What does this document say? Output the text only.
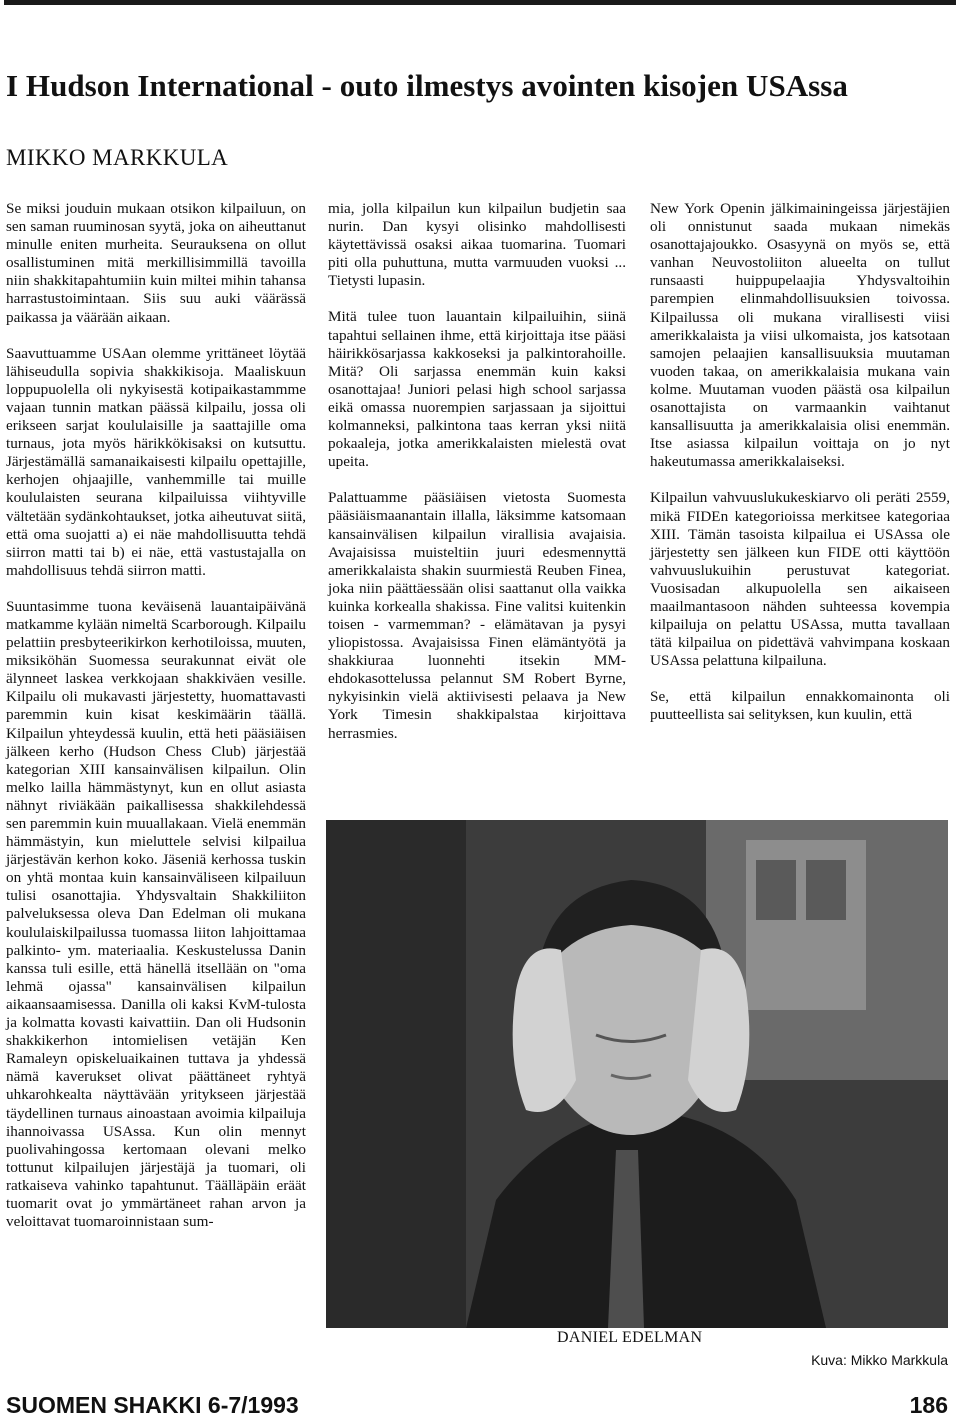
I Hudson International - outo ilmestys avointen kisojen USAssa
MIKKO MARKKULA

Se miksi jouduin mukaan otsikon kilpailuun, on sen saman ruuminosan syytä, joka on aiheuttanut minulle eniten murheita. Seurauksena on ollut osallistuminen mitä merkillisimmillä tavoilla niin shakkitapahtumiin kuin miltei mihin tahansa harrastustoimintaan. Siis suu auki väärässä paikassa ja väärään aikaan.

Saavuttuamme USAan olemme yrittäneet löytää lähiseudulla sopivia shakkikisoja. Maaliskuun loppupuolella oli nykyisestä kotipaikastammme vajaan tunnin matkan päässä kilpailu, jossa oli erikseen sarjat koululaisille ja saattajille oma turnaus, jota myös härikkökisaksi on kutsuttu. Järjestämällä samanaikaisesti kilpailu opettajille, kerhojen ohjaajille, vanhemmille tai muille koululaisten seurana kilpailuissa viihtyville vältetään sydänkohtaukset, jotka aiheutuvat siitä, että oma suojatti a) ei näe mahdollisuutta tehdä siirron matti tai b) ei näe, että vastustajalla on mahdollisuus tehdä siirron matti.

Suuntasimme tuona keväisenä lauantaipäivänä matkamme kylään nimeltä Scarborough. Kilpailu pelattiin presbyteerikirkon kerhotiloissa, muuten, miksiköhän Suomessa seurakunnat eivät ole älynneet laskea verkkojaan shakkiväen vesille. Kilpailu oli mukavasti järjestetty, huomattavasti paremmin kuin kisat keskimäärin täällä. Kilpailun yhteydessä kuulin, että heti pääsiäisen jälkeen kerho (Hudson Chess Club) järjestää kategorian XIII kansainvälisen kilpailun. Olin melko lailla hämmästynyt, kun en ollut asiasta nähnyt riviäkään paikallisessa shakkilehdessä sen paremmin kuin muuallakaan. Vielä enemmän hämmästyin, kun mieluttele selvisi kilpailua järjestävän kerhon koko. Jäseniä kerhossa tuskin on yhtä montaa kuin kansainväliseen kilpailuun tulisi osanottajia. Yhdysvaltain Shakkiliiton palveluksessa oleva Dan Edelman oli mukana koululaiskilpailussa tuomassa liiton lahjoittamaa palkinto- ym. materiaalia. Keskustelussa Danin kanssa tuli esille, että hänellä itsellään on "oma lehmä ojassa" kansainvälisen kilpailun aikaansaamisessa. Danilla oli kaksi KvM-tulosta ja kolmatta kovasti kaivattiin. Dan oli Hudsonin shakkikerhon intomielisen vetäjän Ken Ramaleyn opiskeluaikainen tuttava ja yhdessä nämä kaverukset olivat päättäneet ryhtyä uhkarohkealta näyttävään yritykseen järjestää täydellinen turnaus ainoastaan avoimia kilpailuja ihannoivassa USAssa. Kun olin mennyt puolivahingossa kertomaan olevani melko tottunut kilpailujen järjestäjä ja tuomari, oli ratkaiseva vahinko tapahtunut. Täälläpäin eräät tuomarit ovat jo ymmärtäneet rahan arvon ja veloittavat tuomaroinnistaan sum-

mia, jolla kilpailun kun kilpailun budjetin saa nurin. Dan kysyi olisinko mahdollisesti käytettävissä osaksi aikaa tuomarina. Tuomari piti olla puhuttuna, mutta varmuuden vuoksi ... Tietysti lupasin.

Mitä tulee tuon lauantain kilpailuihin, siinä tapahtui sellainen ihme, että kirjoittaja itse pääsi häirikkösarjassa kakkoseksi ja palkintorahoille. Mitä? Oli sarjassa enemmän kuin kaksi osanottajaa! Juniori pelasi high school sarjassa eikä omassa nuorempien sarjassaan ja sijoittui kolmanneksi, palkintona taas kerran yksi niitä pokaaleja, jotka amerikkalaisten mielestä ovat upeita.

Palattuamme pääsiäisen vietosta Suomesta pääsiäismaanantain illalla, läksimme katsomaan kansainvälisen kilpailun virallisia avajaisia. Avajaisissa muisteltiin juuri edesmennyttä amerikkalaista shakin suurmiestä Reuben Finea, joka niin päättäessään olisi saattanut olla vaikka kuinka korkealla shakissa. Fine valitsi kuitenkin toisen - varmemman? - elämätavan ja pysyi yliopistossa. Avajaisissa Finen elämäntyötä ja shakkiuraa luonnehti itsekin MM-ehdokasottelussa pelannut SM Robert Byrne, nykyisinkin vielä aktiivisesti pelaava ja New York Timesin shakkipalstaa kirjoittava herrasmies.

New York Openin jälkimainingeissa järjestäjien oli onnistunut saada mukaan nimekäs osanottajajoukko. Osasyynä on myös se, että vanhan Neuvostoliiton alueelta on tullut runsaasti huippupelaajia Yhdysvaltoihin parempien elinmahdollisuuksien toivossa. Kilpailussa oli mukana virallisesti viisi amerikkalaista ja viisi ulkomaista, jos katsotaan samojen pelaajien kansallisuuksia muutaman vuoden takaa, on amerikkalaisia mukana vain kolme. Muutaman vuoden päästä osa kilpailun osanottajista on varmaankin vaihtanut kansallisuutta ja amerikkalaisia olisi enemmän. Itse asiassa kilpailun voittaja on jo nyt hakeutumassa amerikkalaiseksi.

Kilpailun vahvuuslukukeskiarvo oli peräti 2559, mikä FIDEn kategorioissa merkitsee kategoriaa XIII. Tämän tasoista kilpailua ei USAssa ole järjestetty sen jälkeen kun FIDE otti käyttöön vahvuuslukuihin perustuvat kategoriat. Vuosisadan alkupuolella sen aikaiseen maailmantasoon nähden suhteessa kovempia kilpailuja on pelattu USAssa, mutta tavallaan tätä kilpailua on pidettävä vahvimpana koskaan USAssa pelattuna kilpailuna.

Se, että kilpailun ennakkomainonta oli puutteellista sai selityksen, kun kuulin, että

DANIEL EDELMAN
Kuva: Mikko Markkula
SUOMEN SHAKKI 6-7/1993	186
